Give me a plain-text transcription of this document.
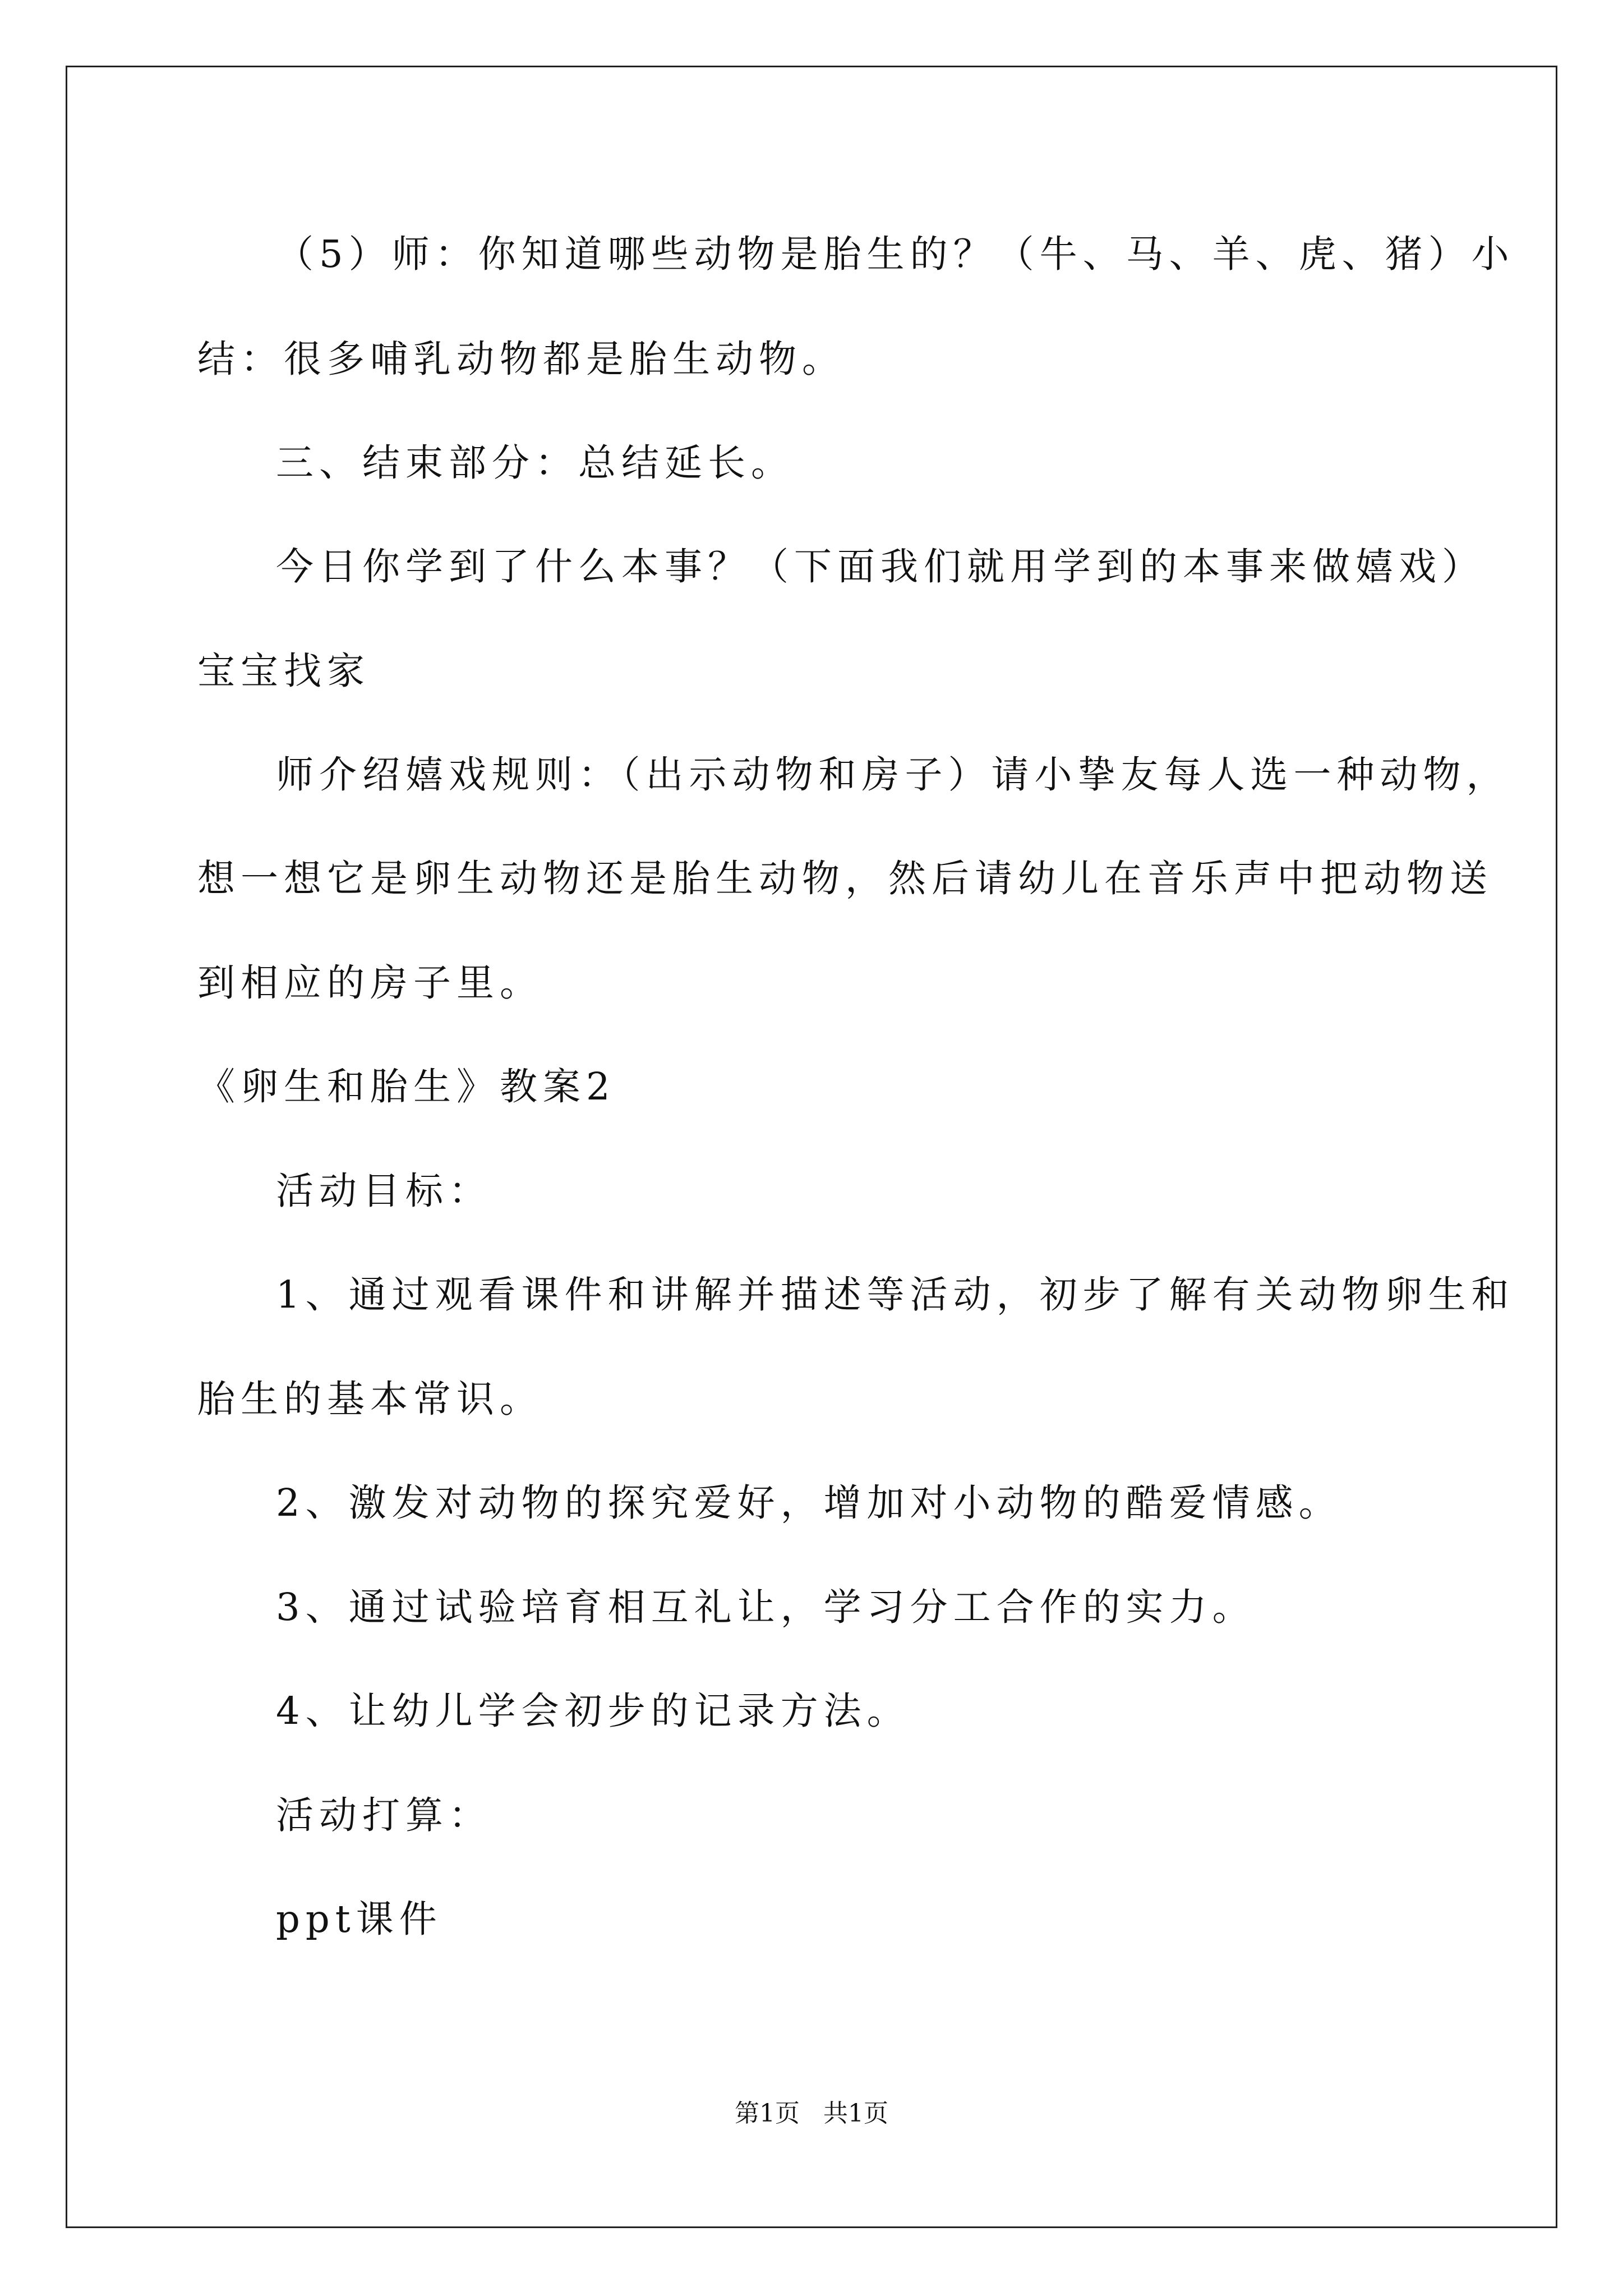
（5）师：你知道哪些动物是胎生的？（牛、马、羊、虎、猪）小
结：很多哺乳动物都是胎生动物。
三、结束部分：总结延长。
今日你学到了什么本事？（下面我们就用学到的本事来做嬉戏）
宝宝找家
师介绍嬉戏规则：（出示动物和房子）请小挚友每人选一种动物，
想一想它是卵生动物还是胎生动物，然后请幼儿在音乐声中把动物送
到相应的房子里。
《卵生和胎生》教案2
活动目标：
1、通过观看课件和讲解并描述等活动，初步了解有关动物卵生和
胎生的基本常识。
2、激发对动物的探究爱好，增加对小动物的酷爱情感。
3、通过试验培育相互礼让，学习分工合作的实力。
4、让幼儿学会初步的记录方法。
活动打算：
ppt课件
第1页   共1页
